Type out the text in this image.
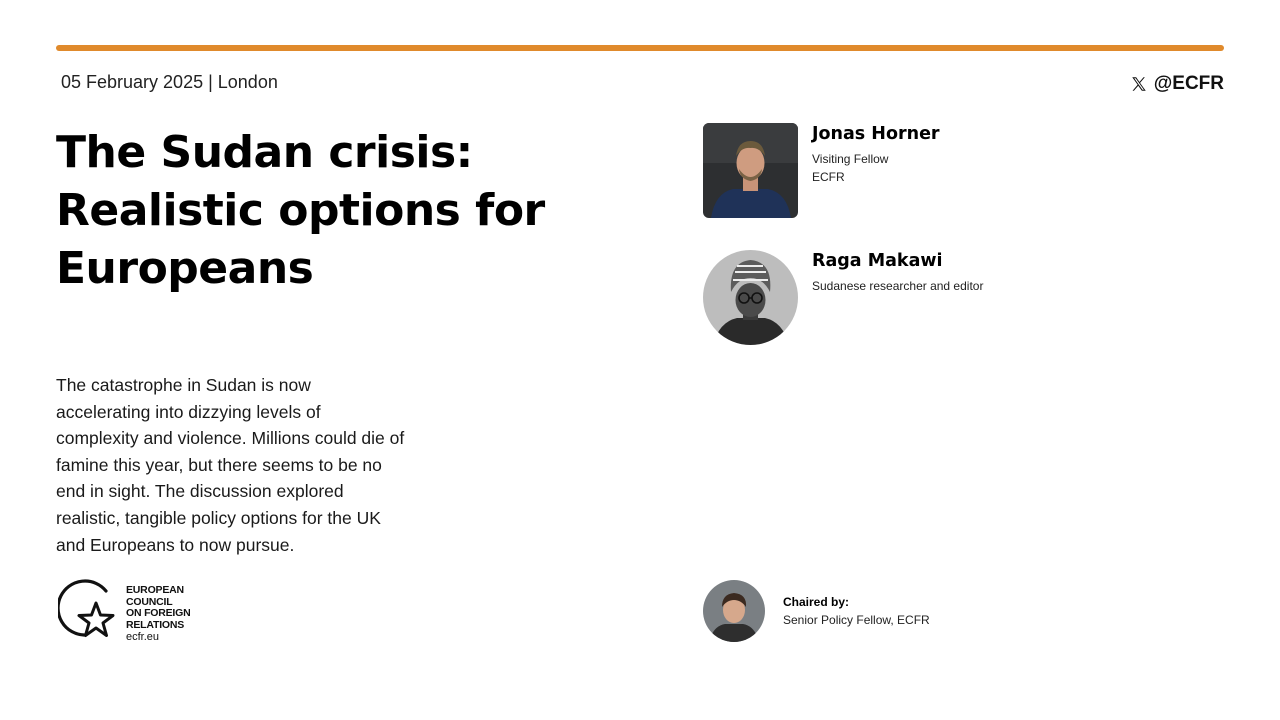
05 February 2025 | London	@ECFR
The Sudan crisis:
Realistic options for
Europeans

The catastrophe in Sudan is now accelerating into dizzying levels of complexity and violence. Millions could die of famine this year, but there seems to be no end in sight. The discussion explored realistic, tangible policy options for the UK and Europeans to now pursue.

EUROPEAN
COUNCIL
ON FOREIGN
RELATIONS
ecfr.eu
Jonas Horner
Visiting Fellow
ECFR
Raga Makawi
Sudanese researcher and editor
Chaired by:
Senior Policy Fellow, ECFR
